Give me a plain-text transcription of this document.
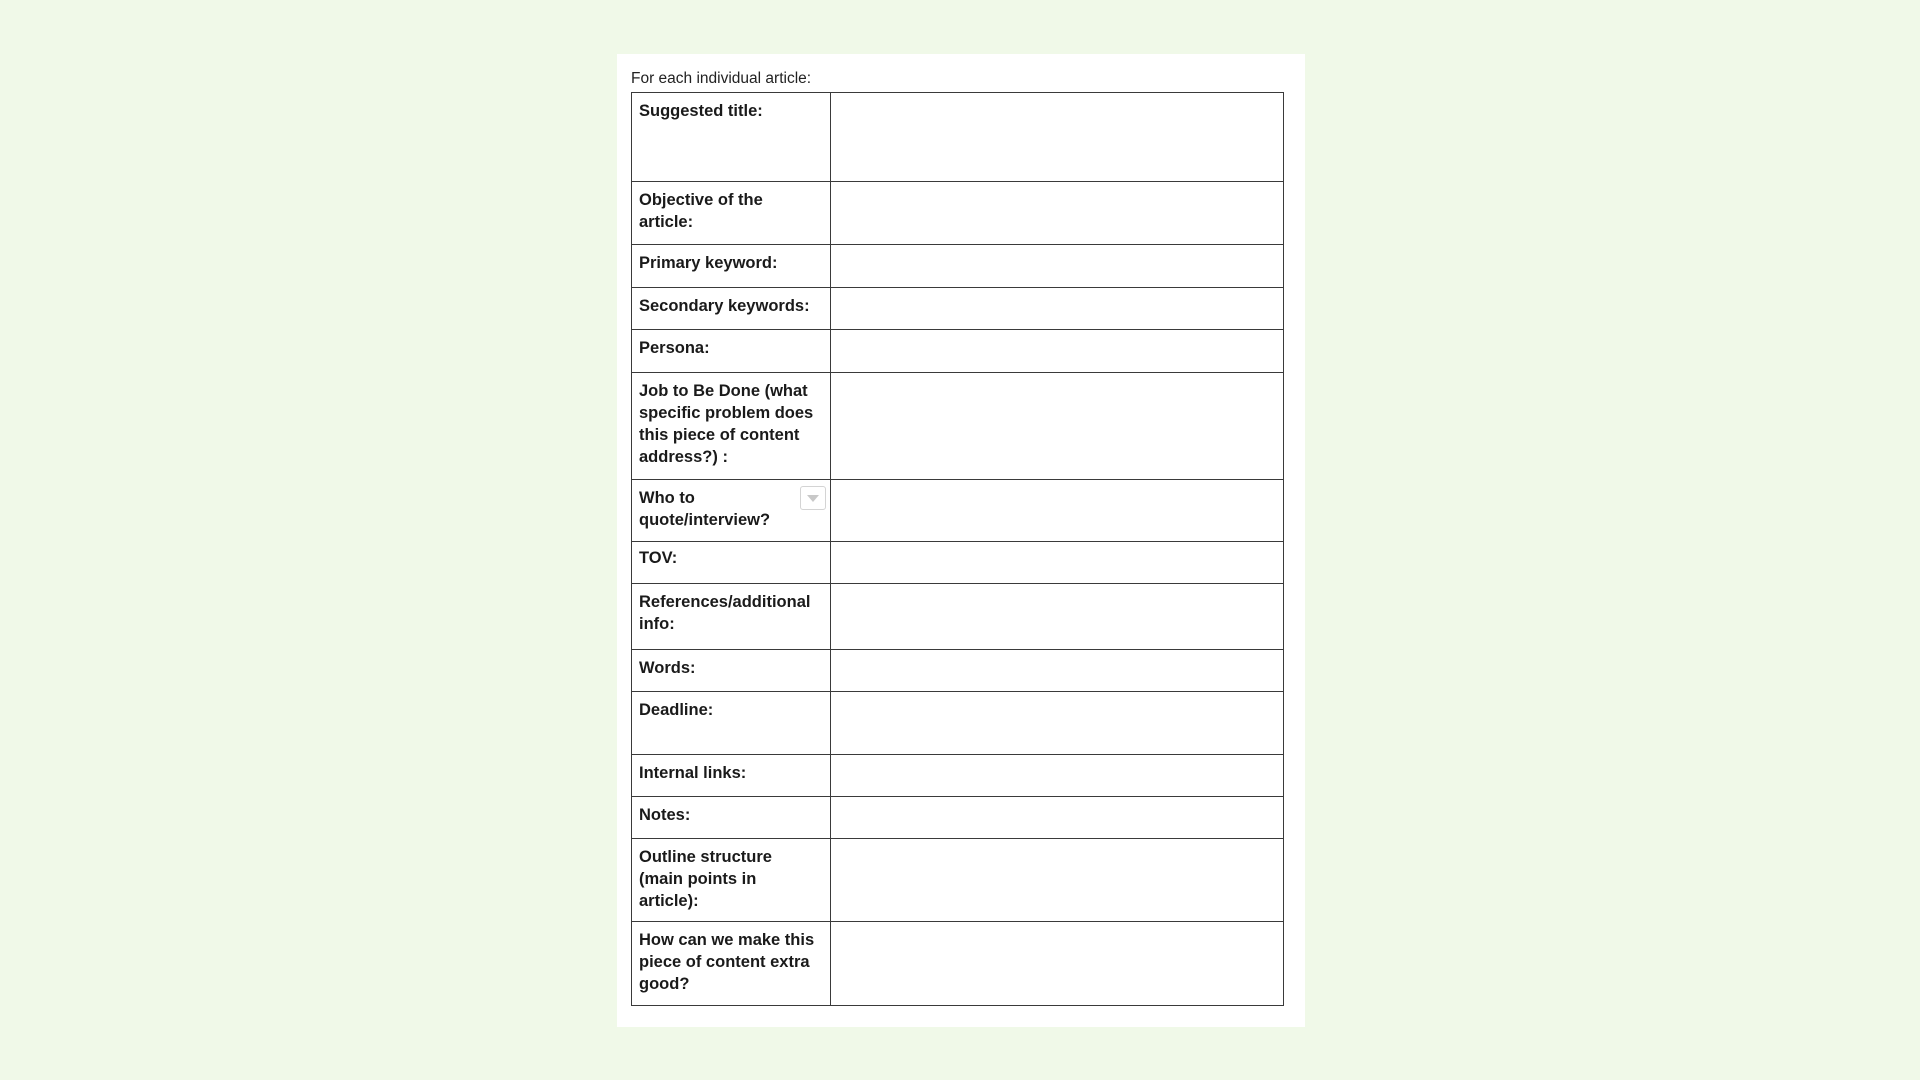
For each individual article:
Suggested title:	

Objective of the article:	

Primary keyword:	

Secondary keywords:	

Persona:	

Job to Be Done (what specific problem does this piece of content address?) :	

Who to quote/interview?	

TOV:	

References/additional info:	

Words:	

Deadline:	

Internal links:	

Notes:	

Outline structure (main points in article):	

How can we make this piece of content extra good?	
